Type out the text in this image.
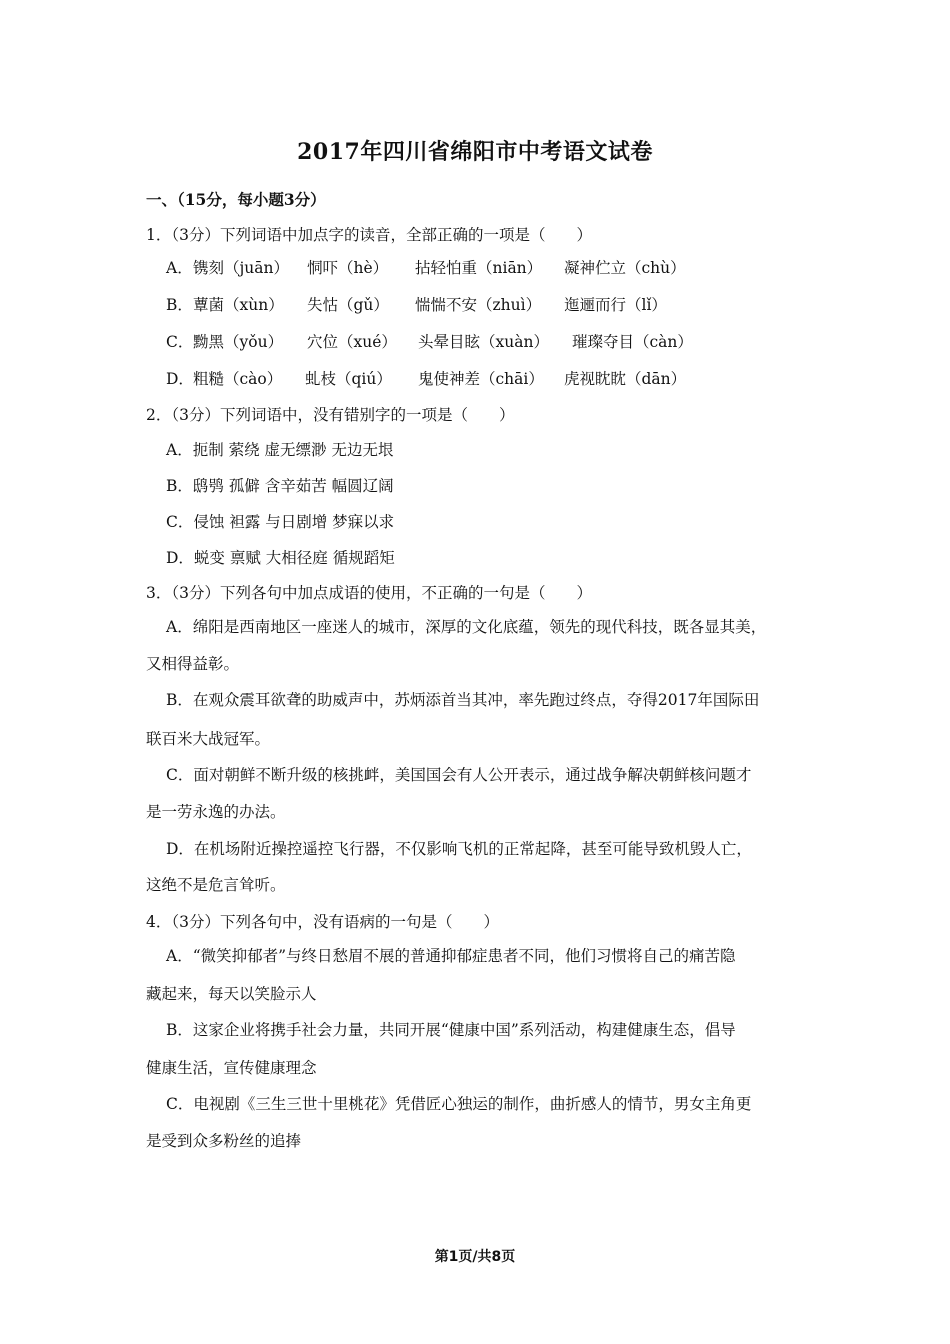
2017年四川省绵阳市中考语文试卷
一、（15分，每小题3分）
1．（3分）下列词语中加点字的读音，全部正确的一项是（　　）
A． 镌刻（juān） 恫吓（hè） 拈轻怕重（niān） 凝神伫立（chù）
B． 蕈菌（xùn） 失怙（gǔ） 惴惴不安（zhuì） 迤逦而行（lǐ）
C． 黝黑（yǒu） 穴位（xué） 头晕目眩（xuàn） 璀璨夺目（càn）
D． 粗糙（cào） 虬枝（qiú） 鬼使神差（chāi） 虎视眈眈（dān）
2．（3分）下列词语中，没有错别字的一项是（　　）
A．扼制 萦绕 虚无缥渺 无边无垠
B．鸱鸮 孤僻 含辛茹苦 幅圆辽阔
C．侵蚀 袒露 与日剧增 梦寐以求
D．蜕变 禀赋 大相径庭 循规蹈矩
3．（3分）下列各句中加点成语的使用，不正确的一句是（　　）
A．绵阳是西南地区一座迷人的城市，深厚的文化底蕴，领先的现代科技，既各显其美，
又相得益彰。
B．在观众震耳欲聋的助威声中，苏炳添首当其冲，率先跑过终点，夺得2017年国际田
联百米大战冠军。
C．面对朝鲜不断升级的核挑衅，美国国会有人公开表示，通过战争解决朝鲜核问题才
是一劳永逸的办法。
D．在机场附近操控遥控飞行器，不仅影响飞机的正常起降，甚至可能导致机毁人亡，
这绝不是危言耸听。
4．（3分）下列各句中，没有语病的一句是（　　）
A．“微笑抑郁者”与终日愁眉不展的普通抑郁症患者不同，他们习惯将自己的痛苦隐
藏起来，每天以笑脸示人
B．这家企业将携手社会力量，共同开展“健康中国”系列活动，构建健康生态，倡导
健康生活，宣传健康理念
C．电视剧《三生三世十里桃花》凭借匠心独运的制作，曲折感人的情节，男女主角更
是受到众多粉丝的追捧
第1页/共8页
